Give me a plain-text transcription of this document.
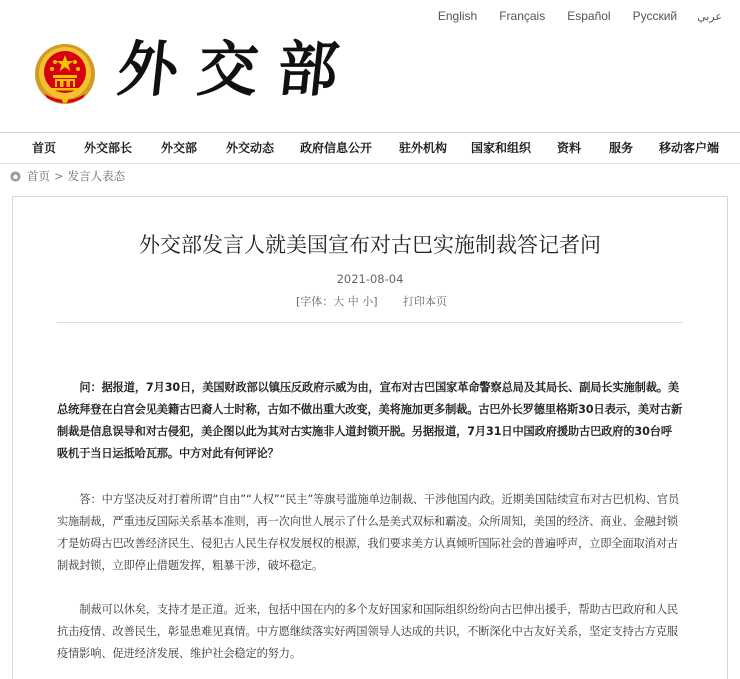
English Français Español Русский عربي
外交部
首页 外交部长 外交部 外交动态 政府信息公开 驻外机构 国家和组织 资料 服务 移动客户端
首页 > 发言人表态
外交部发言人就美国宣布对古巴实施制裁答记者问
2021-08-04
[字体：大 中 小] 打印本页
问：据报道，7月30日，美国财政部以镇压反政府示威为由，宣布对古巴国家革命警察总局及其局长、副局长实施制裁。美总统拜登在白宫会见美籍古巴裔人士时称，古如不做出重大改变，美将施加更多制裁。古巴外长罗德里格斯30日表示，美对古新制裁是信息误导和对古侵犯，美企图以此为其对古实施非人道封锁开脱。另据报道，7月31日中国政府援助古巴政府的30台呼吸机于当日运抵哈瓦那。中方对此有何评论？
答：中方坚决反对打着所谓“自由”“人权”“民主”等旗号滥施单边制裁、干涉他国内政。近期美国陆续宣布对古巴机构、官员实施制裁，严重违反国际关系基本准则，再一次向世人展示了什么是美式双标和霸凌。众所周知，美国的经济、商业、金融封锁才是妨碍古巴改善经济民生、侵犯古人民生存权发展权的根源，我们要求美方认真倾听国际社会的普遍呼声，立即全面取消对古制裁封锁，立即停止借题发挥，粗暴干涉，破坏稳定。
制裁可以休矣，支持才是正道。近来，包括中国在内的多个友好国家和国际组织纷纷向古巴伸出援手，帮助古巴政府和人民抗击疫情、改善民生，彰显患难见真情。中方愿继续落实好两国领导人达成的共识，不断深化中古友好关系，坚定支持古方克服疫情影响、促进经济发展、维护社会稳定的努力。
